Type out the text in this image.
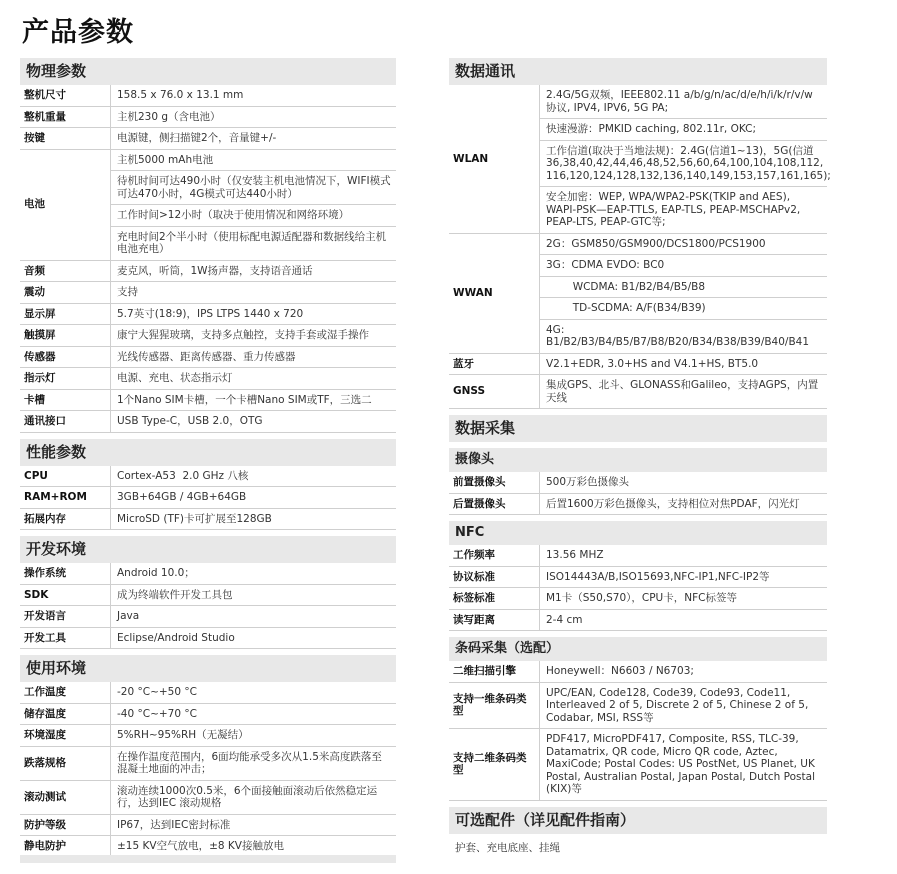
产品参数
物理参数
整机尺寸	158.5 x 76.0 x 13.1 mm
整机重量	主机230 g（含电池）
按键	电源键，侧扫描键2个，音量键+/-
电池	主机5000 mAh电池
	待机时间可达490小时（仅安装主机电池情况下，WIFI模式可达470小时，4G模式可达440小时）
	工作时间>12小时（取决于使用情况和网络环境）
	充电时间2个半小时（使用标配电源适配器和数据线给主机电池充电）
音频	麦克风，听筒，1W扬声器，支持语音通话
震动	支持
显示屏	5.7英寸(18:9)，IPS LTPS 1440 x 720
触摸屏	康宁大猩猩玻璃，支持多点触控，支持手套或湿手操作
传感器	光线传感器、距离传感器、重力传感器
指示灯	电源、充电、状态指示灯
卡槽	1个Nano SIM卡槽，一个卡槽Nano SIM或TF，三选二
通讯接口	USB Type-C，USB 2.0，OTG
性能参数
CPU	Cortex-A53  2.0 GHz 八核
RAM+ROM	3GB+64GB / 4GB+64GB
拓展内存	MicroSD (TF)卡可扩展至128GB
开发环境
操作系统	Android 10.0；
SDK	成为终端软件开发工具包
开发语言	Java
开发工具	Eclipse/Android Studio
使用环境
工作温度	-20 °C~+50 °C
储存温度	-40 °C~+70 °C
环境湿度	5%RH~95%RH（无凝结）
跌落规格	在操作温度范围内，6面均能承受多次从1.5米高度跌落至混凝土地面的冲击；
滚动测试	滚动连续1000次0.5米，6个面接触面滚动后依然稳定运行，达到IEC 滚动规格
防护等级	IP67，达到IEC密封标准
静电防护	±15 KV空气放电，±8 KV接触放电
数据通讯
WLAN	2.4G/5G双频，IEEE802.11 a/b/g/n/ac/d/e/h/i/k/r/v/w协议, IPV4, IPV6, 5G PA;
	快速漫游：PMKID caching, 802.11r, OKC;
	工作信道(取决于当地法规)：2.4G(信道1~13)，5G(信道36,38,40,42,44,46,48,52,56,60,64,100,104,108,112, 116,120,124,128,132,136,140,149,153,157,161,165);
	安全加密：WEP, WPA/WPA2-PSK(TKIP and AES), WAPI-PSK—EAP-TTLS, EAP-TLS, PEAP-MSCHAPv2, PEAP-LTS, PEAP-GTC等;
WWAN	2G：GSM850/GSM900/DCS1800/PCS1900
	3G：CDMA EVDO: BC0
	WCDMA: B1/B2/B4/B5/B8
	TD-SCDMA: A/F(B34/B39)
	4G: B1/B2/B3/B4/B5/B7/B8/B20/B34/B38/B39/B40/B41
蓝牙	V2.1+EDR, 3.0+HS and V4.1+HS, BT5.0
GNSS	集成GPS、北斗、GLONASS和Galileo，支持AGPS，内置天线
数据采集
摄像头
前置摄像头	500万彩色摄像头
后置摄像头	后置1600万彩色摄像头，支持相位对焦PDAF，闪光灯
NFC
工作频率	13.56 MHZ
协议标准	ISO14443A/B,ISO15693,NFC-IP1,NFC-IP2等
标签标准	M1卡（S50,S70），CPU卡，NFC标签等
读写距离	2-4 cm
条码采集（选配）
二维扫描引擎	Honeywell：N6603 / N6703;
支持一维条码类型	UPC/EAN, Code128, Code39, Code93, Code11, Interleaved 2 of 5, Discrete 2 of 5, Chinese 2 of 5, Codabar, MSI, RSS等
支持二维条码类型	PDF417, MicroPDF417, Composite, RSS, TLC-39, Datamatrix, QR code, Micro QR code, Aztec, MaxiCode; Postal Codes: US PostNet, US Planet, UK Postal, Australian Postal, Japan Postal, Dutch Postal (KIX)等
可选配件（详见配件指南）
护套、充电底座、挂绳
